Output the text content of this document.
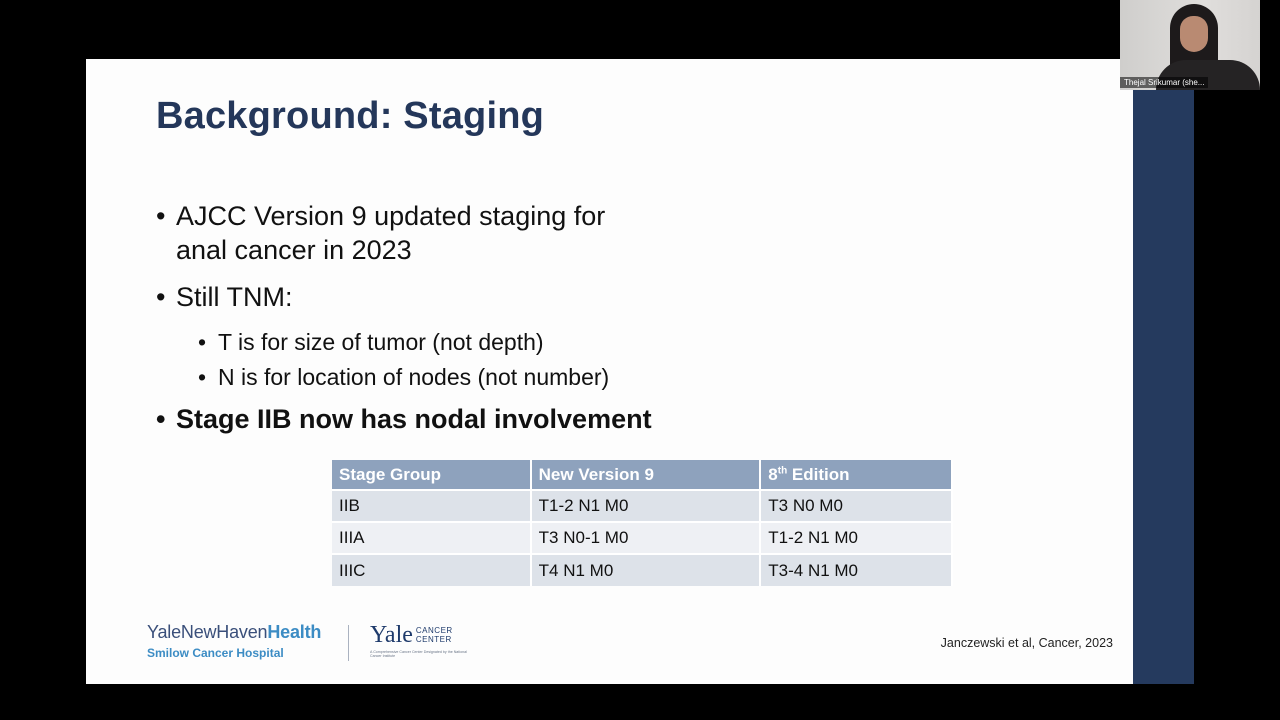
Background: Staging
• AJCC Version 9 updated staging for
anal cancer in 2023
• Still TNM:
• T is for size of tumor (not depth)
• N is for location of nodes (not number)
• Stage IIB now has nodal involvement
Stage Group	New Version 9	8th Edition
IIB	T1-2 N1 M0	T3 N0 M0
IIIA	T3 N0-1 M0	T1-2 N1 M0
IIIC	T4 N1 M0	T3-4 N1 M0
YaleNewHavenHealth
Smilow Cancer Hospital
Yale CANCER
CENTER
A Comprehensive Cancer Center Designated by the National Cancer Institute
Janczewski et al, Cancer, 2023
Thejal Srikumar (she...
